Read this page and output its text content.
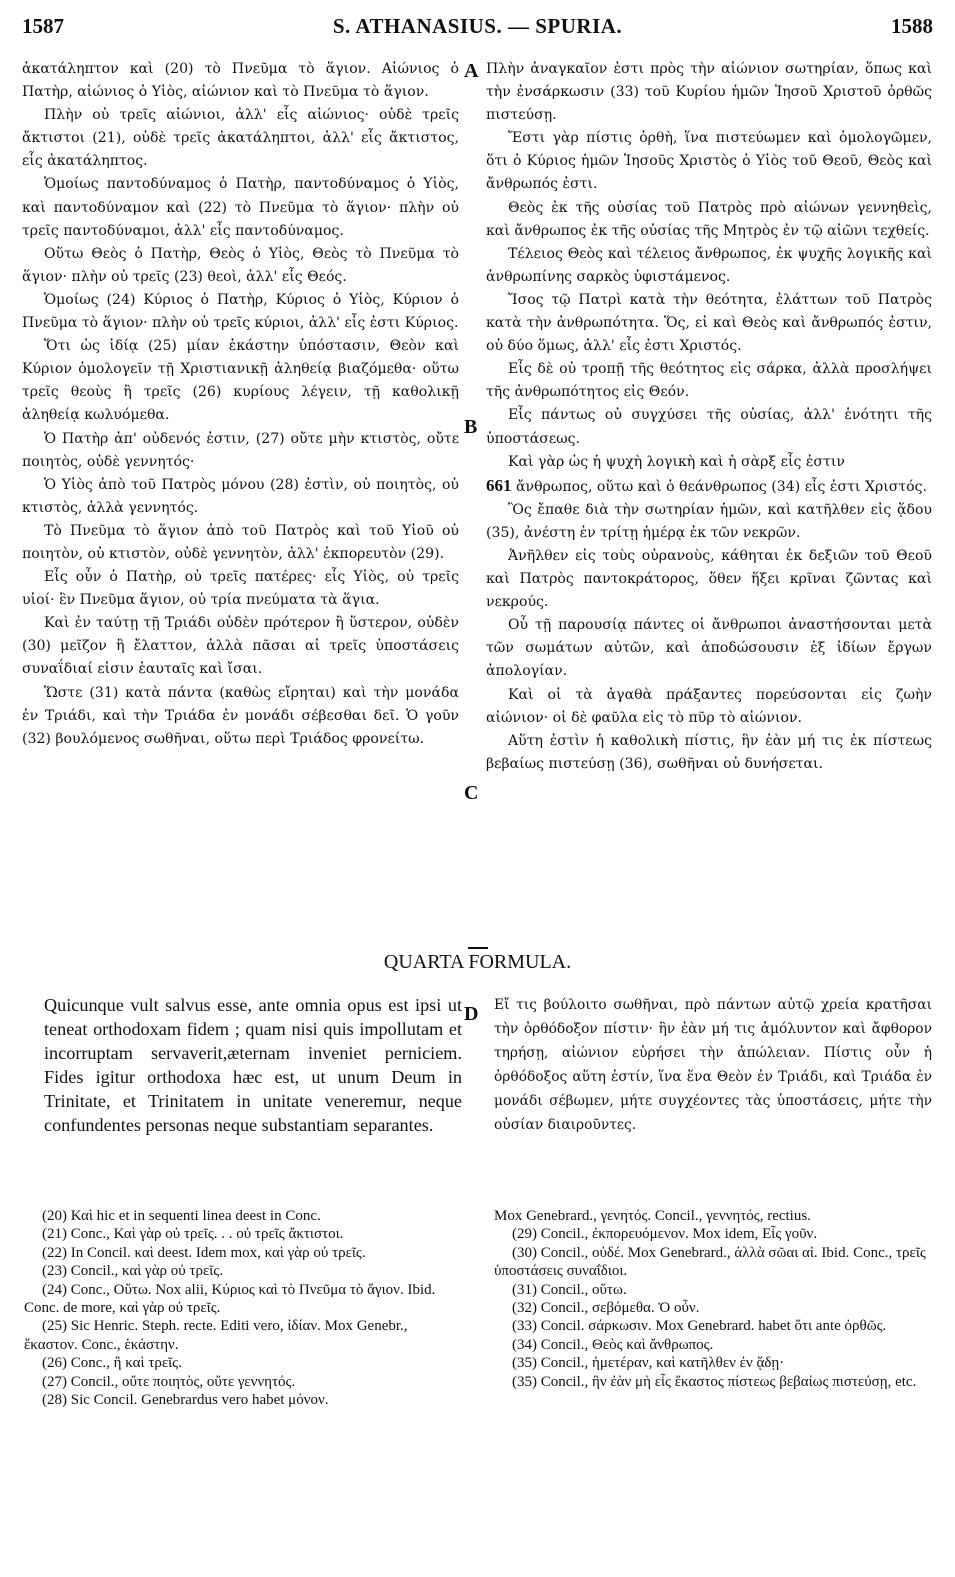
1587	S. ATHANASIUS. — SPURIA.	1588

ἀκατάληπτον καὶ (20) τὸ Πνεῦμα τὸ ἅγιον. Αἰώνιος ὁ Πατὴρ, αἰώνιος ὁ Υἱὸς, αἰώνιον καὶ τὸ Πνεῦμα τὸ ἅγιον.

Πλὴν οὐ τρεῖς αἰώνιοι, ἀλλ' εἷς αἰώνιος· οὐδὲ τρεῖς ἄκτιστοι (21), οὐδὲ τρεῖς ἀκατάληπτοι, ἀλλ' εἷς ἄκτιστος, εἷς ἀκατάληπτος.

Ὁμοίως παντοδύναμος ὁ Πατὴρ, παντοδύναμος ὁ Υἱὸς, καὶ παντοδύναμον καὶ (22) τὸ Πνεῦμα τὸ ἅγιον· πλὴν οὐ τρεῖς παντοδύναμοι, ἀλλ' εἷς παντοδύναμος.

Οὕτω Θεὸς ὁ Πατὴρ, Θεὸς ὁ Υἱὸς, Θεὸς τὸ Πνεῦμα τὸ ἅγιον· πλὴν οὐ τρεῖς (23) θεοὶ, ἀλλ' εἷς Θεός.

Ὁμοίως (24) Κύριος ὁ Πατὴρ, Κύριος ὁ Υἱὸς, Κύριον ὁ Πνεῦμα τὸ ἅγιον· πλὴν οὐ τρεῖς κύριοι, ἀλλ' εἷς ἐστι Κύριος.

Ὅτι ὡς ἰδίᾳ (25) μίαν ἑκάστην ὑπόστασιν, Θεὸν καὶ Κύριον ὁμολογεῖν τῇ Χριστιανικῇ ἀληθείᾳ βιαζόμεθα· οὕτω τρεῖς θεοὺς ἢ τρεῖς (26) κυρίους λέγειν, τῇ καθολικῇ ἀληθείᾳ κωλυόμεθα.

Ὁ Πατὴρ ἀπ' οὐδενός ἐστιν, (27) οὔτε μὴν κτιστὸς, οὔτε ποιητὸς, οὐδὲ γεννητός·

Ὁ Υἱὸς ἀπὸ τοῦ Πατρὸς μόνου (28) ἐστὶν, οὐ ποιητὸς, οὐ κτιστὸς, ἀλλὰ γεννητός.

Τὸ Πνεῦμα τὸ ἅγιον ἀπὸ τοῦ Πατρὸς καὶ τοῦ Υἱοῦ οὐ ποιητὸν, οὐ κτιστὸν, οὐδὲ γεννητὸν, ἀλλ' ἐκπορευτὸν (29).

Εἷς οὖν ὁ Πατὴρ, οὐ τρεῖς πατέρες· εἷς Υἱὸς, οὐ τρεῖς υἱοί· ἓν Πνεῦμα ἅγιον, οὐ τρία πνεύματα τὰ ἅγια.

Καὶ ἐν ταύτῃ τῇ Τριάδι οὐδὲν πρότερον ἢ ὕστερον, οὐδὲν (30) μεῖζον ἢ ἔλαττον, ἀλλὰ πᾶσαι αἱ τρεῖς ὑποστάσεις συναΐδιαί εἰσιν ἑαυταῖς καὶ ἴσαι.

Ὥστε (31) κατὰ πάντα (καθὼς εἴρηται) καὶ τὴν μονάδα ἐν Τριάδι, καὶ τὴν Τριάδα ἐν μονάδι σέβεσθαι δεῖ. Ὁ γοῦν (32) βουλόμενος σωθῆναι, οὕτω περὶ Τριάδος φρονείτω.

A
B
C
D

Πλὴν ἀναγκαῖον ἐστι πρὸς τὴν αἰώνιον σωτηρίαν, ὅπως καὶ τὴν ἐνσάρκωσιν (33) τοῦ Κυρίου ἡμῶν Ἰησοῦ Χριστοῦ ὀρθῶς πιστεύσῃ.

Ἔστι γὰρ πίστις ὀρθὴ, ἵνα πιστεύωμεν καὶ ὁμολογῶμεν, ὅτι ὁ Κύριος ἡμῶν Ἰησοῦς Χριστὸς ὁ Υἱὸς τοῦ Θεοῦ, Θεὸς καὶ ἄνθρωπός ἐστι.

Θεὸς ἐκ τῆς οὐσίας τοῦ Πατρὸς πρὸ αἰώνων γεννηθεὶς, καὶ ἄνθρωπος ἐκ τῆς οὐσίας τῆς Μητρὸς ἐν τῷ αἰῶνι τεχθείς.

Τέλειος Θεὸς καὶ τέλειος ἄνθρωπος, ἐκ ψυχῆς λογικῆς καὶ ἀνθρωπίνης σαρκὸς ὑφιστάμενος.

Ἴσος τῷ Πατρὶ κατὰ τὴν θεότητα, ἐλάττων τοῦ Πατρὸς κατὰ τὴν ἀνθρωπότητα. Ὅς, εἰ καὶ Θεὸς καὶ ἄνθρωπός ἐστιν, οὐ δύο ὅμως, ἀλλ' εἷς ἐστι Χριστός.

Εἷς δὲ οὐ τροπῇ τῆς θεότητος εἰς σάρκα, ἀλλὰ προσλήψει τῆς ἀνθρωπότητος εἰς Θεόν.

Εἷς πάντως οὐ συγχύσει τῆς οὐσίας, ἀλλ' ἑνότητι τῆς ὑποστάσεως.

Καὶ γὰρ ὡς ἡ ψυχὴ λογικὴ καὶ ἡ σὰρξ εἷς ἐστιν

661 ἄνθρωπος, οὕτω καὶ ὁ θεάνθρωπος (34) εἷς ἐστι Χριστός.

Ὃς ἔπαθε διὰ τὴν σωτηρίαν ἡμῶν, καὶ κατῆλθεν εἰς ᾅδου (35), ἀνέστη ἐν τρίτῃ ἡμέρᾳ ἐκ τῶν νεκρῶν.

Ἀνῆλθεν εἰς τοὺς οὐρανοὺς, κάθηται ἐκ δεξιῶν τοῦ Θεοῦ καὶ Πατρὸς παντοκράτορος, ὅθεν ἥξει κρῖναι ζῶντας καὶ νεκρούς.

Οὗ τῇ παρουσίᾳ πάντες οἱ ἄνθρωποι ἀναστήσονται μετὰ τῶν σωμάτων αὐτῶν, καὶ ἀποδώσουσιν ἐξ ἰδίων ἔργων ἀπολογίαν.

Καὶ οἱ τὰ ἀγαθὰ πράξαντες πορεύσονται εἰς ζωὴν αἰώνιον· οἱ δὲ φαῦλα εἰς τὸ πῦρ τὸ αἰώνιον.

Αὕτη ἐστὶν ἡ καθολικὴ πίστις, ἣν ἐὰν μή τις ἐκ πίστεως βεβαίως πιστεύσῃ (36), σωθῆναι οὐ δυνήσεται.

QUARTA FORMULA.

Quicunque vult salvus esse, ante omnia opus est ipsi ut teneat orthodoxam fidem ; quam nisi quis impollutam et incorruptam servaverit,æternam inveniet perniciem. Fides igitur orthodoxa hæc est, ut unum Deum in Trinitate, et Trinitatem in unitate veneremur, neque confundentes personas neque substantiam separantes.

Εἴ τις βούλοιτο σωθῆναι, πρὸ πάντων αὐτῷ χρεία κρατῆσαι τὴν ὀρθόδοξον πίστιν· ἣν ἐὰν μή τις ἀμόλυντον καὶ ἄφθορον τηρήσῃ, αἰώνιον εὑρήσει τὴν ἀπώλειαν. Πίστις οὖν ἡ ὀρθόδοξος αὕτη ἐστίν, ἵνα ἕνα Θεὸν ἐν Τριάδι, καὶ Τριάδα ἐν μονάδι σέβωμεν, μήτε συγχέοντες τὰς ὑποστάσεις, μήτε τὴν οὐσίαν διαιροῦντες.

(20) Καὶ hic et in sequenti linea deest in Conc.
(21) Conc., Καὶ γὰρ οὐ τρεῖς. . . οὐ τρεῖς ἄκτιστοι.
(22) In Concil. καὶ deest. Idem mox, καὶ γὰρ οὐ τρεῖς.
(23) Concil., καὶ γὰρ οὐ τρεῖς.
(24) Conc., Οὕτω. Nox alii, Κύριος καὶ τὸ Πνεῦμα τὸ ἅγιον. Ibid. Conc. de more, καὶ γὰρ οὐ τρεῖς.
(25) Sic Henric. Steph. recte. Editi vero, ἰδίαν. Mox Genebr., ἕκαστον. Conc., ἑκάστην.
(26) Conc., ἢ καὶ τρεῖς.
(27) Concil., οὔτε ποιητὸς, οὔτε γεννητός.
(28) Sic Concil. Genebrardus vero habet μόνον.
Mox Genebrard., γενητός. Concil., γεννητός, rectius.
(29) Concil., ἐκπορευόμενον. Mox idem, Εἷς γοῦν.
(30) Concil., οὐδέ. Mox Genebrard., ἀλλὰ σῶαι αἱ. Ibid. Conc., τρεῖς ὑποστάσεις συναΐδιοι.
(31) Concil., οὕτω.
(32) Concil., σεβόμεθα. Ὁ οὖν.
(33) Concil. σάρκωσιν. Mox Genebrard. habet ὅτι ante ὀρθῶς.
(34) Concil., Θεὸς καὶ ἄνθρωπος.
(35) Concil., ἡμετέραν, καὶ κατῆλθεν ἐν ᾅδῃ·
(35) Concil., ἣν ἐὰν μὴ εἷς ἕκαστος πίστεως βεβαίως πιστεύσῃ, etc.
